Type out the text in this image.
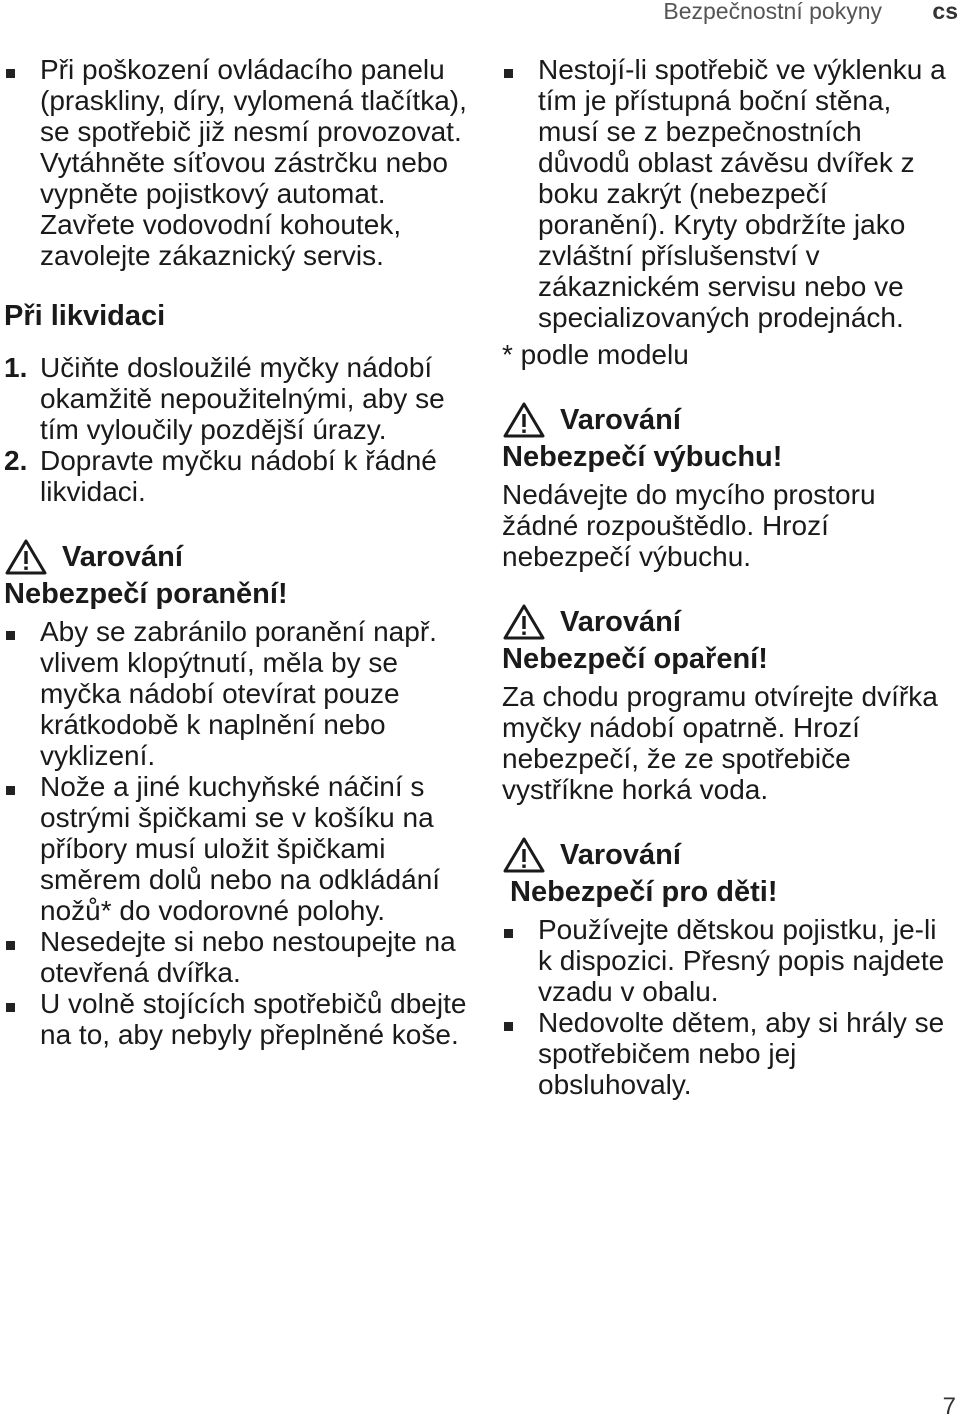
Bezpečnostní pokyny cs
Při poškození ovládacího panelu (praskliny, díry, vylomená tlačítka), se spotřebič již nesmí provozovat. Vytáhněte síťovou zástrčku nebo vypněte pojistkový automat. Zavřete vodovodní kohoutek, zavolejte zákaznický servis.
Při likvidaci
1. Učiňte dosloužilé myčky nádobí okamžitě nepoužitelnými, aby se tím vyloučily pozdější úrazy.
2. Dopravte myčku nádobí k řádné likvidaci.
Varování
Nebezpečí poranění!
Aby se zabránilo poranění např. vlivem klopýtnutí, měla by se myčka nádobí otevírat pouze krátkodobě k naplnění nebo vyklizení.
Nože a jiné kuchyňské náčiní s ostrými špičkami se v košíku na příbory musí uložit špičkami směrem dolů nebo na odkládání nožů* do vodorovné polohy.
Nesedejte si nebo nestoupejte na otevřená dvířka.
U volně stojících spotřebičů dbejte na to, aby nebyly přeplněné koše.
Nestojí-li spotřebič ve výklenku a tím je přístupná boční stěna, musí se z bezpečnostních důvodů oblast závěsu dvířek z boku zakrýt (nebezpečí poranění). Kryty obdržíte jako zvláštní příslušenství v zákaznickém servisu nebo ve specializovaných prodejnách.
* podle modelu
Varování
Nebezpečí výbuchu!

Nedávejte do mycího prostoru žádné rozpouštědlo. Hrozí nebezpečí výbuchu.

Varování
Nebezpečí opaření!

Za chodu programu otvírejte dvířka myčky nádobí opatrně. Hrozí nebezpečí, že ze spotřebiče vystříkne horká voda.

Varování
Nebezpečí pro děti!
Používejte dětskou pojistku, je-li k dispozici. Přesný popis najdete vzadu v obalu.
Nedovolte dětem, aby si hrály se spotřebičem nebo jej obsluhovaly.
7
